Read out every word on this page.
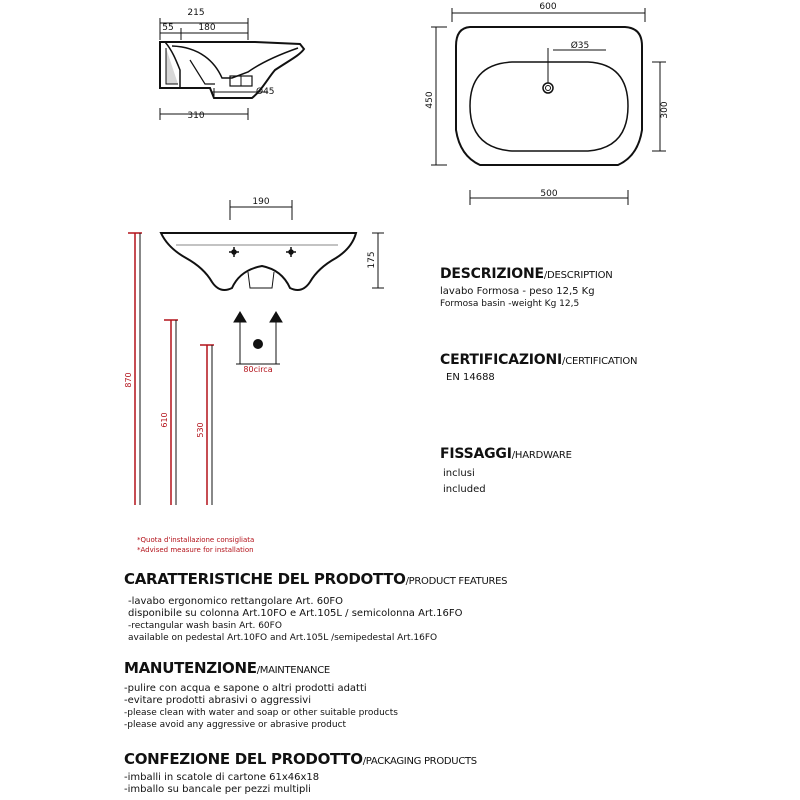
215
55	180
Ø45
310
600
Ø35
450
300
500
190
175
870
610
530
80circa
*Quota d'installazione consigliata
*Advised measure for installation
DESCRIZIONE/DESCRIPTION
lavabo Formosa - peso 12,5 Kg
Formosa basin -weight Kg 12,5
CERTIFICAZIONI/CERTIFICATION
EN 14688
FISSAGGI/HARDWARE
inclusi
included
CARATTERISTICHE DEL PRODOTTO/PRODUCT FEATURES
-lavabo ergonomico rettangolare Art. 60FO
disponibile su colonna Art.10FO e Art.105L / semicolonna Art.16FO
-rectangular wash basin Art. 60FO
available on pedestal Art.10FO and Art.105L /semipedestal Art.16FO
MANUTENZIONE/MAINTENANCE
-pulire con acqua e sapone o altri prodotti adatti
-evitare prodotti abrasivi o aggressivi
-please clean with water and soap or other suitable products
-please avoid any aggressive or abrasive product
CONFEZIONE DEL PRODOTTO/PACKAGING PRODUCTS
-imballi in scatole di cartone 61x46x18
-imballo su bancale per pezzi multipli
